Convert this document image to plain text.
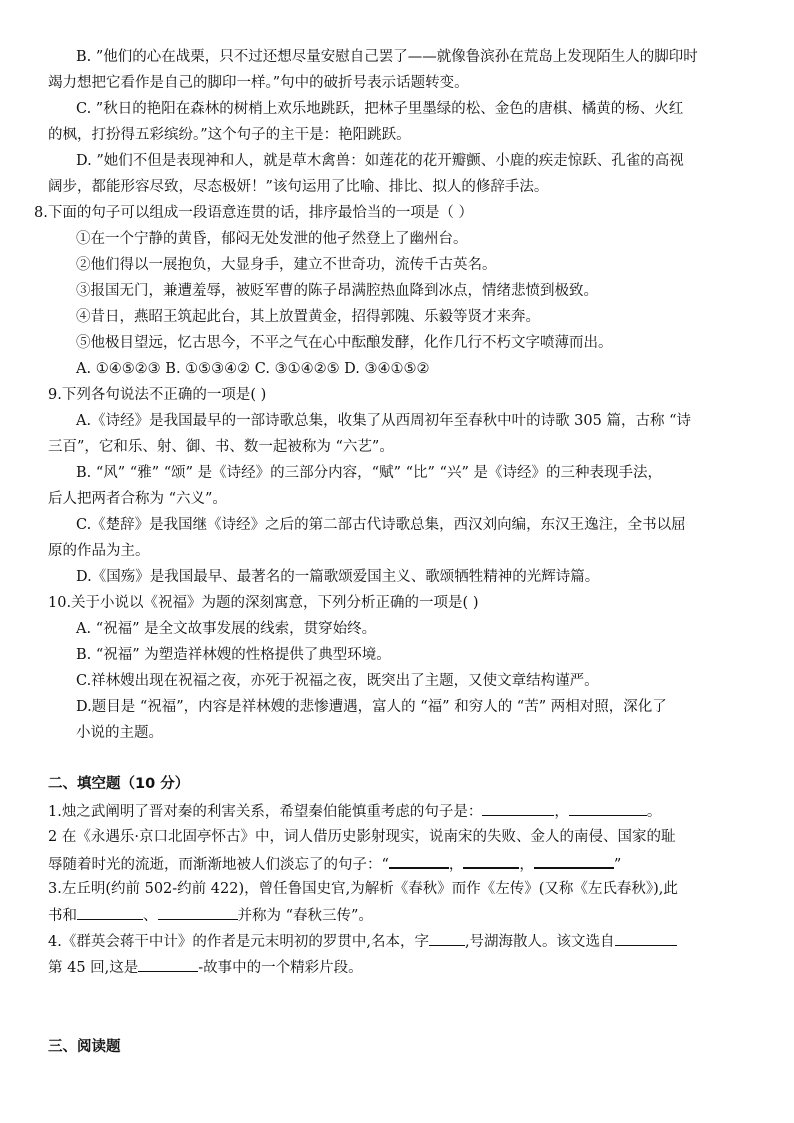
B. ”他们的心在战栗，只不过还想尽量安慰自己罢了——就像鲁滨孙在荒岛上发现陌生人的脚印时
竭力想把它看作是自己的脚印一样。”句中的破折号表示话题转变。
C. ”秋日的艳阳在森林的树梢上欢乐地跳跃，把林子里墨绿的松、金色的唐棋、橘黄的杨、火红
的枫，打扮得五彩缤纷。”这个句子的主干是：艳阳跳跃。
D. ”她们不但是表现神和人，就是草木禽兽：如莲花的花开瓣颤、小鹿的疾走惊跃、孔雀的高视
阔步，都能形容尽致，尽态极妍！”该句运用了比喻、排比、拟人的修辞手法。
8.下面的句子可以组成一段语意连贯的话，排序最恰当的一项是（ ）
①在一个宁静的黄昏，郁闷无处发泄的他孑然登上了幽州台。
②他们得以一展抱负，大显身手，建立不世奇功，流传千古英名。
③报国无门，兼遭羞辱，被贬军曹的陈子昂满腔热血降到冰点，情绪悲愤到极致。
④昔日，燕昭王筑起此台，其上放置黄金，招得郭隗、乐毅等贤才来奔。
⑤他极目望远，忆古思今，不平之气在心中酝酿发酵，化作几行不朽文字喷薄而出。
A. ①④⑤②③ B. ①⑤③④② C. ③①④②⑤ D. ③④①⑤②
9.下列各句说法不正确的一项是( )
A.《诗经》是我国最早的一部诗歌总集，收集了从西周初年至春秋中叶的诗歌 305 篇，古称 “诗
三百”，它和乐、射、御、书、数一起被称为 “六艺”。
B. “风” “雅” “颂” 是《诗经》的三部分内容，“赋” “比” “兴” 是《诗经》的三种表现手法，
后人把两者合称为 “六义”。
C.《楚辞》是我国继《诗经》之后的第二部古代诗歌总集，西汉刘向编，东汉王逸注，全书以屈
原的作品为主。
D.《国殇》是我国最早、最著名的一篇歌颂爱国主义、歌颂牺牲精神的光辉诗篇。
10.关于小说以《祝福》为题的深刻寓意，下列分析正确的一项是( )
A. “祝福” 是全文故事发展的线索，贯穿始终。
B. “祝福” 为塑造祥林嫂的性格提供了典型环境。
C.祥林嫂出现在祝福之夜，亦死于祝福之夜，既突出了主题，又使文章结构谨严。
D.题目是 “祝福”，内容是祥林嫂的悲惨遭遇，富人的 “福” 和穷人的 “苦” 两相对照，深化了
小说的主题。
二、填空题（10 分）
1.烛之武阐明了晋对秦的利害关系，希望秦伯能慎重考虑的句子是：	，	。
2 在《永遇乐·京口北固亭怀古》中，词人借历史影射现实，说南宋的失败、金人的南侵、国家的耻
辱随着时光的流逝，而渐渐地被人们淡忘了的句子：“	，	，	”
3.左丘明(约前 502-约前 422)，曾任鲁国史官,为解析《春秋》而作《左传》(又称《左氏春秋》),此
书和	、	并称为 “春秋三传”。
4.《群英会蒋干中计》的作者是元末明初的罗贯中,名本，字 ,号湖海散人。该文选自
第 45 回,这是	-故事中的一个精彩片段。
三、阅读题
